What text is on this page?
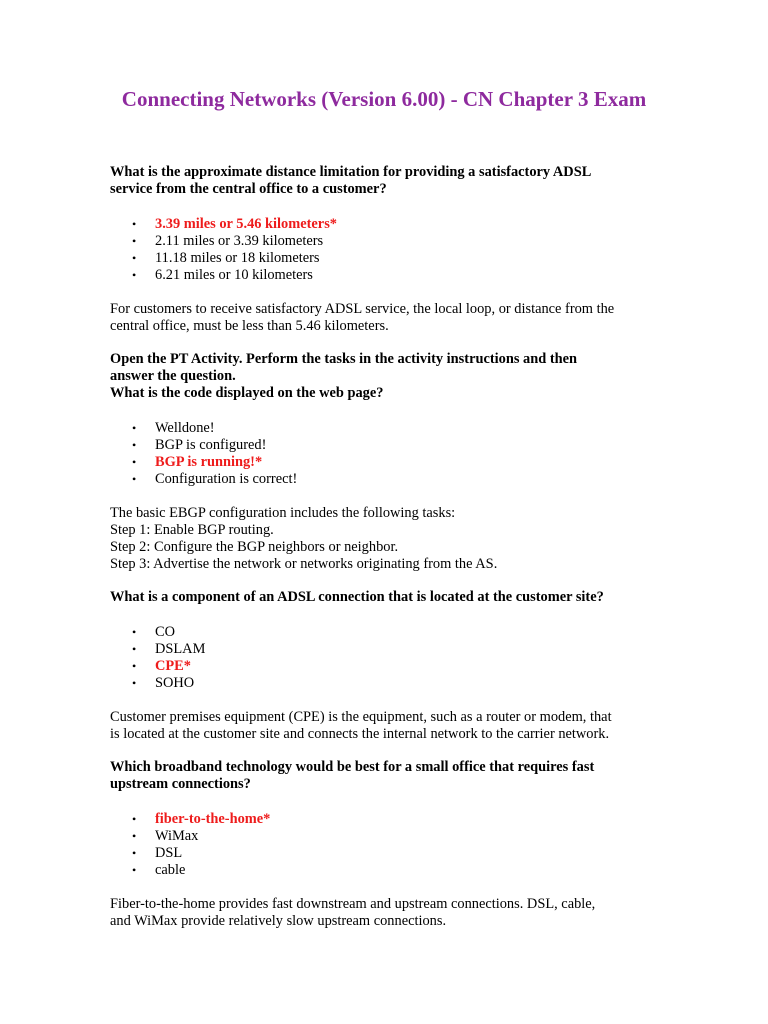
Connecting Networks (Version 6.00) - CN Chapter 3 Exam

What is the approximate distance limitation for providing a satisfactory ADSL
service from the central office to a customer?

• 3.39 miles or 5.46 kilometers*
• 2.11 miles or 3.39 kilometers
• 11.18 miles or 18 kilometers
• 6.21 miles or 10 kilometers

For customers to receive satisfactory ADSL service, the local loop, or distance from the
central office, must be less than 5.46 kilometers.

Open the PT Activity. Perform the tasks in the activity instructions and then
answer the question.
What is the code displayed on the web page?

• Welldone!
• BGP is configured!
• BGP is running!*
• Configuration is correct!

The basic EBGP configuration includes the following tasks:
Step 1: Enable BGP routing.
Step 2: Configure the BGP neighbors or neighbor.
Step 3: Advertise the network or networks originating from the AS.

What is a component of an ADSL connection that is located at the customer site?

• CO
• DSLAM
• CPE*
• SOHO

Customer premises equipment (CPE) is the equipment, such as a router or modem, that
is located at the customer site and connects the internal network to the carrier network.

Which broadband technology would be best for a small office that requires fast
upstream connections?

• fiber-to-the-home*
• WiMax
• DSL
• cable

Fiber-to-the-home provides fast downstream and upstream connections. DSL, cable,
and WiMax provide relatively slow upstream connections.
